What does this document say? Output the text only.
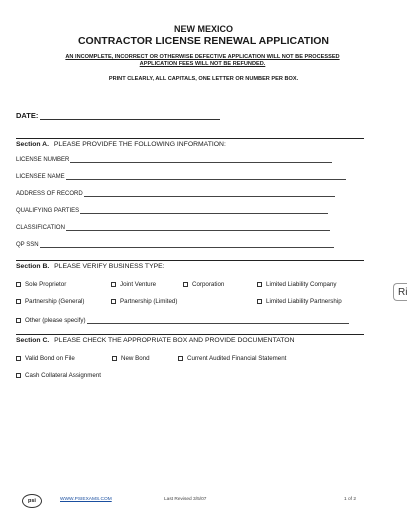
NEW MEXICO
CONTRACTOR LICENSE RENEWAL APPLICATION
AN INCOMPLETE, INCORRECT OR OTHERWISE DEFECTIVE APPLICATION WILL NOT BE PROCESSED
APPLICATION FEES WILL NOT BE REFUNDED.
PRINT CLEARLY, ALL CAPITALS, ONE LETTER OR NUMBER PER BOX.
DATE:
Section A. PLEASE PROVIDFE THE FOLLOWING INFORMATION:
LICENSE NUMBER
LICENSEE NAME
ADDRESS OF RECORD
QUALIFYING PARTIES
CLASSIFICATION
QP SSN
Section B. PLEASE VERIFY BUSINESS TYPE:
Sole Proprietor	Joint Venture	Corporation	Limited Liability Company
Partnership (General)	Partnership (Limited)	Limited Liability Partnership
Other (please specify)
Section C. PLEASE CHECK THE APPROPRIATE BOX AND PROVIDE DOCUMENTATON
Valid Bond on File	New Bond	Current Audited Financial Statement
Cash Collateral Assignment
Ri
psi	WWW.PSIEXAMS.COM	Last Revised 3/5/07	1 of 2
